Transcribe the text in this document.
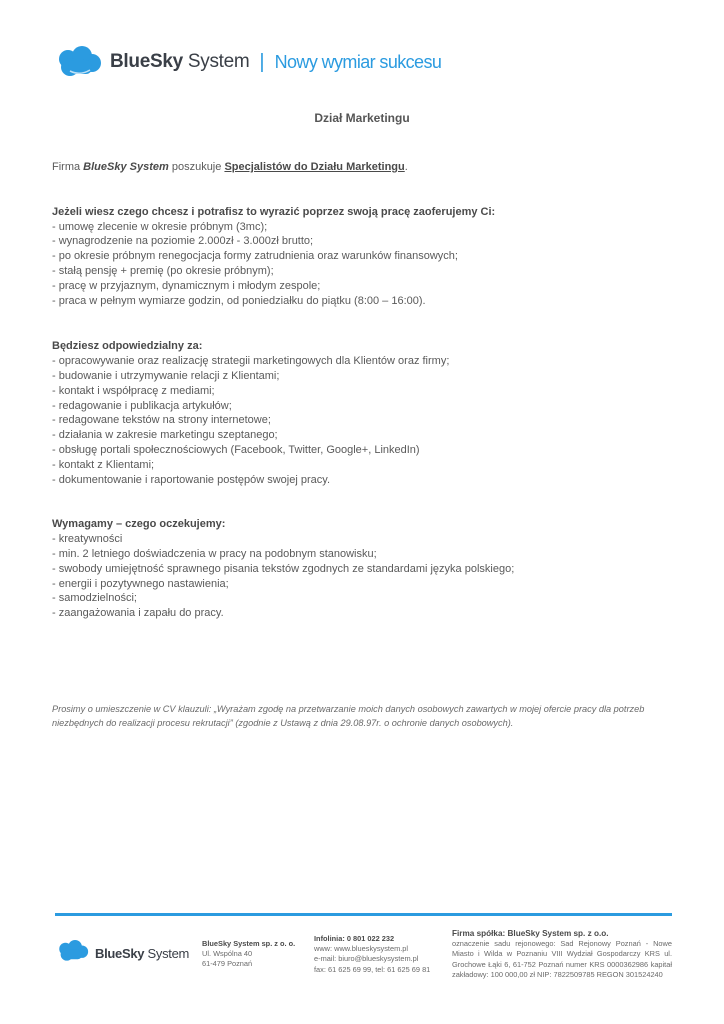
BlueSky System | Nowy wymiar sukcesu
Dział Marketingu

Firma BlueSky System poszukuje Specjalistów do Działu Marketingu.

Jeżeli wiesz czego chcesz i potrafisz to wyrazić poprzez swoją pracę zaoferujemy Ci:
- umowę zlecenie w okresie próbnym (3mc);
- wynagrodzenie na poziomie 2.000zł - 3.000zł brutto;
- po okresie próbnym renegocjacja formy zatrudnienia oraz warunków finansowych;
- stałą pensję + premię (po okresie próbnym);
- pracę w przyjaznym, dynamicznym i młodym zespole;
- praca w pełnym wymiarze godzin, od poniedziałku do piątku (8:00 – 16:00).
Będziesz odpowiedzialny za:
- opracowywanie oraz realizację strategii marketingowych dla Klientów oraz firmy;
- budowanie i utrzymywanie relacji z Klientami;
- kontakt i współpracę z mediami;
- redagowanie i publikacja artykułów;
- redagowane tekstów na strony internetowe;
- działania w zakresie marketingu szeptanego;
- obsługę portali społecznościowych (Facebook, Twitter, Google+, LinkedIn)
- kontakt z Klientami;
- dokumentowanie i raportowanie postępów swojej pracy.
Wymagamy – czego oczekujemy:
- kreatywności
- min. 2 letniego doświadczenia w pracy na podobnym stanowisku;
- swobody umiejętność sprawnego pisania tekstów zgodnych ze standardami języka polskiego;
- energii i pozytywnego nastawienia;
- samodzielności;
- zaangażowania i zapału do pracy.
Prosimy o umieszczenie w CV klauzuli: „Wyrażam zgodę na przetwarzanie moich danych osobowych zawartych w mojej ofercie pracy dla potrzeb niezbędnych do realizacji procesu rekrutacji” (zgodnie z Ustawą z dnia 29.08.97r. o ochronie danych osobowych).
BlueSky System
BlueSky System sp. z o. o.
Ul. Wspólna 40
61-479 Poznań
Infolinia: 0 801 022 232
www: www.blueskysystem.pl
e-mail: biuro@blueskysystem.pl
fax: 61 625 69 99, tel: 61 625 69 81
Firma spółka: BlueSky System sp. z o.o.
oznaczenie sadu rejonowego: Sad Rejonowy Poznań - Nowe Miasto i Wilda w Poznaniu VIII Wydział Gospodarczy KRS ul. Grochowe Łąki 6, 61-752 Poznań numer KRS 0000362986 kapitał zakładowy: 100 000,00 zł NIP: 7822509785 REGON 301524240
